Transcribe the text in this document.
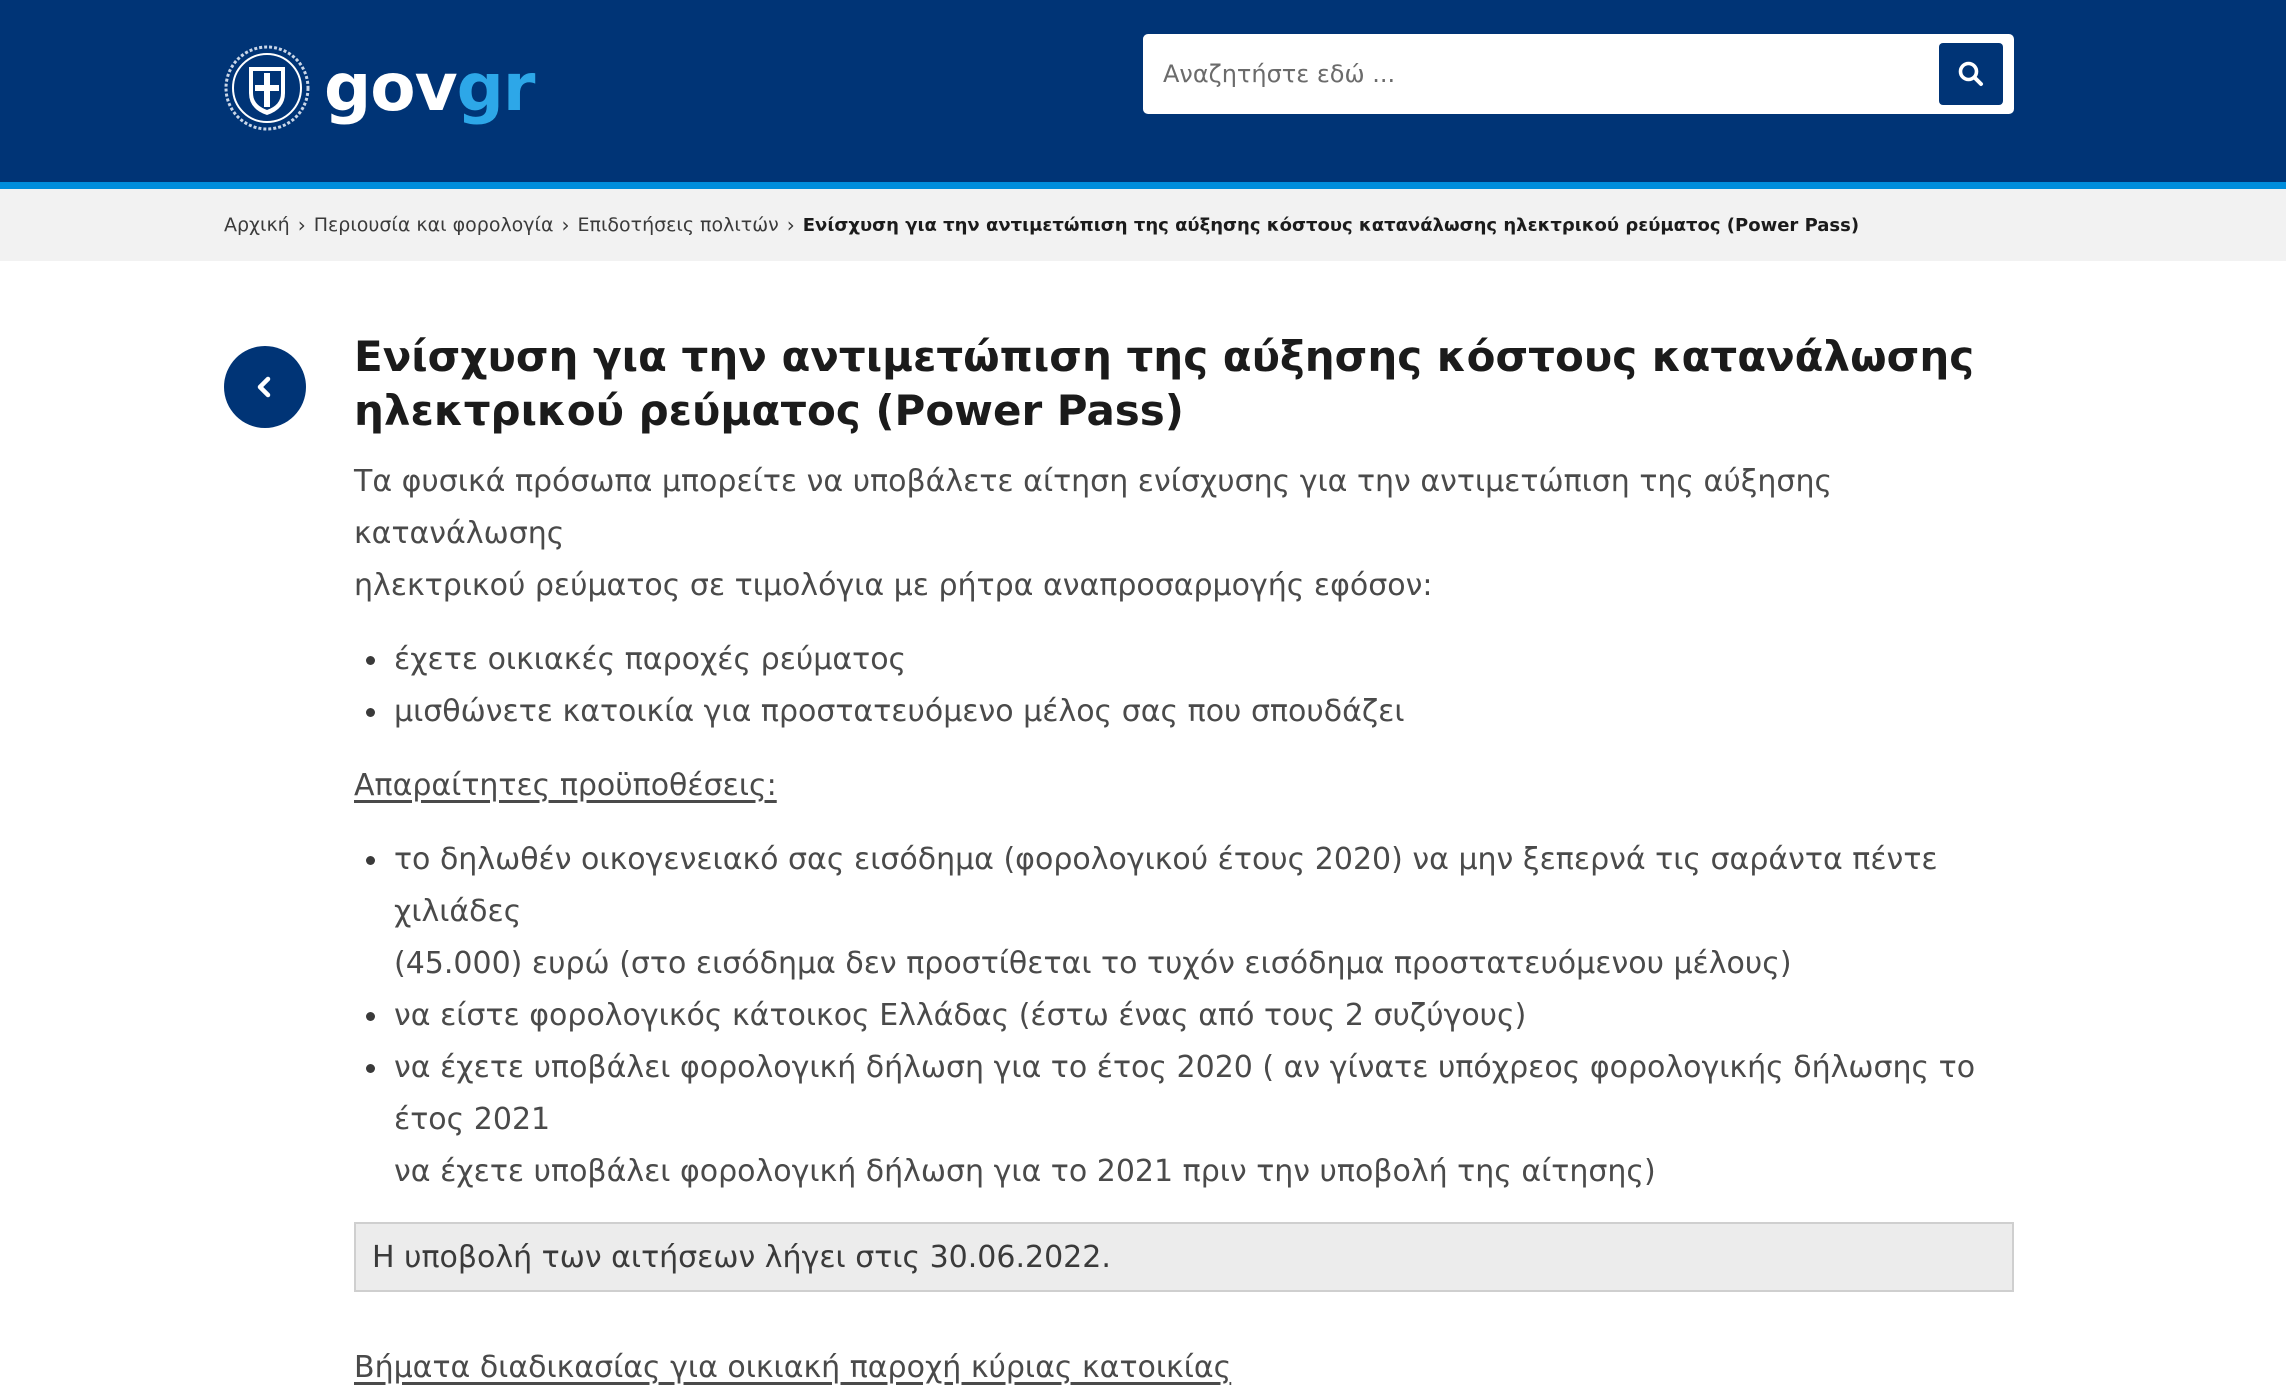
govgr
Αναζητήστε εδώ ...
Αρχική › Περιουσία και φορολογία › Επιδοτήσεις πολιτών › Ενίσχυση για την αντιμετώπιση της αύξησης κόστους κατανάλωσης ηλεκτρικού ρεύματος (Power Pass)
Ενίσχυση για την αντιμετώπιση της αύξησης κόστους κατανάλωσης
ηλεκτρικού ρεύματος (Power Pass)

Τα φυσικά πρόσωπα μπορείτε να υποβάλετε αίτηση ενίσχυσης για την αντιμετώπιση της αύξησης κατανάλωσης
ηλεκτρικού ρεύματος σε τιμολόγια με ρήτρα αναπροσαρμογής εφόσον:

έχετε οικιακές παροχές ρεύματος
μισθώνετε κατοικία για προστατευόμενο μέλος σας που σπουδάζει

Απαραίτητες προϋποθέσεις:

το δηλωθέν οικογενειακό σας εισόδημα (φορολογικού έτους 2020) να μην ξεπερνά τις σαράντα πέντε χιλιάδες
(45.000) ευρώ (στο εισόδημα δεν προστίθεται το τυχόν εισόδημα προστατευόμενου μέλους)
να είστε φορολογικός κάτοικος Ελλάδας (έστω ένας από τους 2 συζύγους)
να έχετε υποβάλει φορολογική δήλωση για το έτος 2020 ( αν γίνατε υπόχρεος φορολογικής δήλωσης το έτος 2021
να έχετε υποβάλει φορολογική δήλωση για το 2021 πριν την υποβολή της αίτησης)
Η υποβολή των αιτήσεων λήγει στις 30.06.2022.
Βήματα διαδικασίας για οικιακή παροχή κύριας κατοικίας
